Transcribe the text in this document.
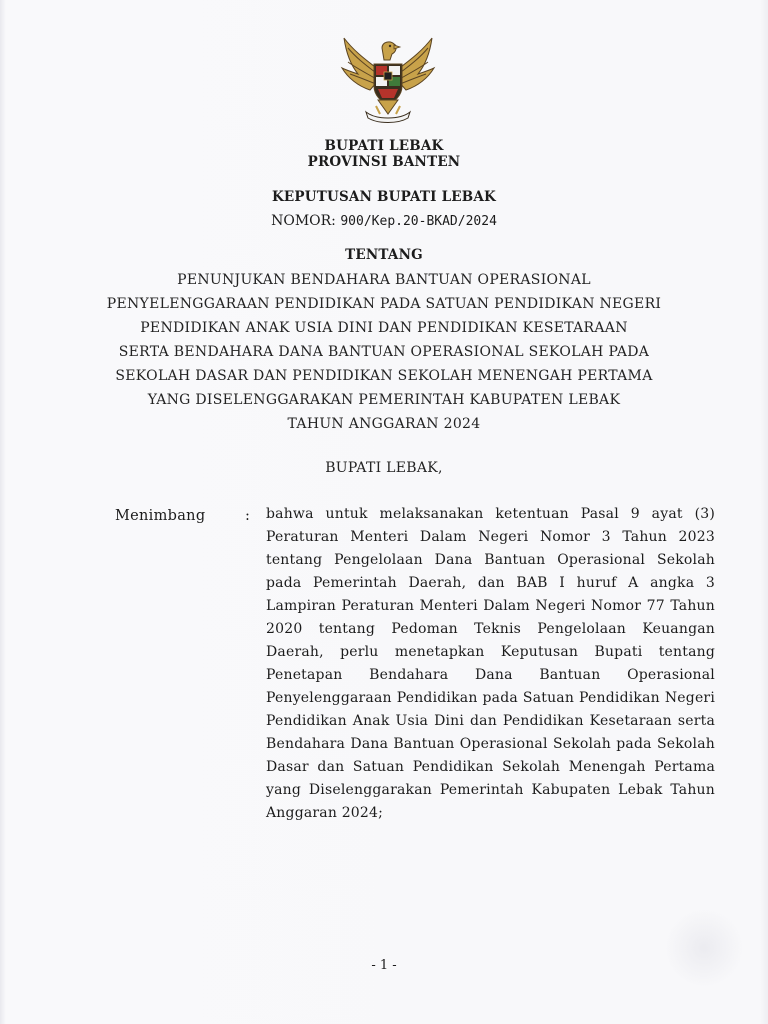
BUPATI LEBAK
PROVINSI BANTEN
KEPUTUSAN BUPATI LEBAK
NOMOR: 900/Kep.20-BKAD/2024
TENTANG
PENUNJUKAN BENDAHARA BANTUAN OPERASIONAL
PENYELENGGARAAN PENDIDIKAN PADA SATUAN PENDIDIKAN NEGERI
PENDIDIKAN ANAK USIA DINI DAN PENDIDIKAN KESETARAAN
SERTA BENDAHARA DANA BANTUAN OPERASIONAL SEKOLAH PADA
SEKOLAH DASAR DAN PENDIDIKAN SEKOLAH MENENGAH PERTAMA
YANG DISELENGGARAKAN PEMERINTAH KABUPATEN LEBAK
TAHUN ANGGARAN 2024
BUPATI LEBAK,
Menimbang	: bahwa untuk melaksanakan ketentuan Pasal 9 ayat (3) Peraturan Menteri Dalam Negeri Nomor 3 Tahun 2023 tentang Pengelolaan Dana Bantuan Operasional Sekolah pada Pemerintah Daerah, dan BAB I huruf A angka 3 Lampiran Peraturan Menteri Dalam Negeri Nomor 77 Tahun 2020 tentang Pedoman Teknis Pengelolaan Keuangan Daerah, perlu menetapkan Keputusan Bupati tentang Penetapan Bendahara Dana Bantuan Operasional Penyelenggaraan Pendidikan pada Satuan Pendidikan Negeri Pendidikan Anak Usia Dini dan Pendidikan Kesetaraan serta Bendahara Dana Bantuan Operasional Sekolah pada Sekolah Dasar dan Satuan Pendidikan Sekolah Menengah Pertama yang Diselenggarakan Pemerintah Kabupaten Lebak Tahun Anggaran 2024;
- 1 -
